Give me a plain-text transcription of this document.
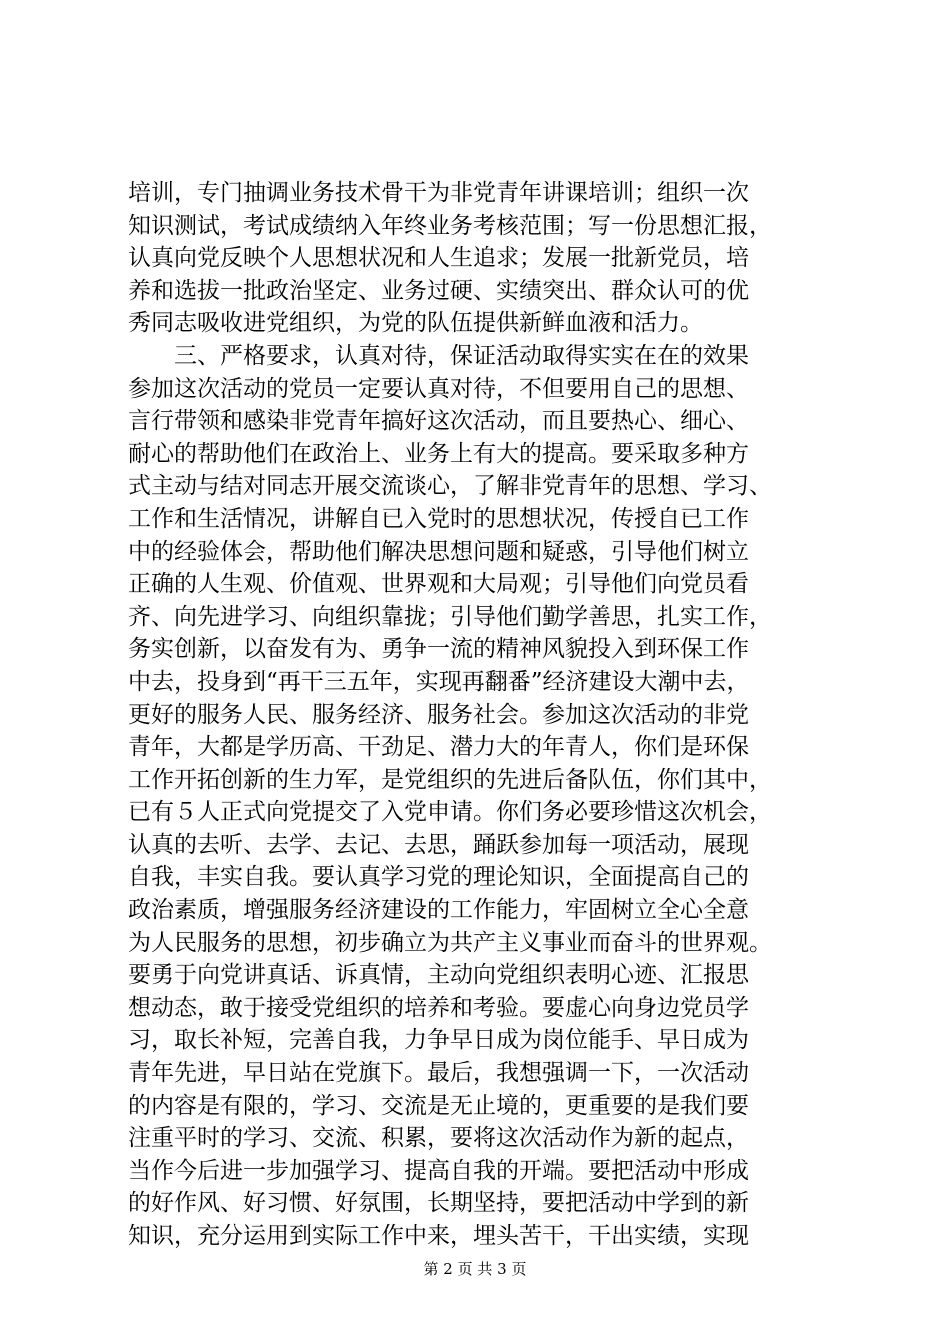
培训，专门抽调业务技术骨干为非党青年讲课培训；组织一次
知识测试，考试成绩纳入年终业务考核范围；写一份思想汇报，
认真向党反映个人思想状况和人生追求；发展一批新党员，培
养和选拔一批政治坚定、业务过硬、实绩突出、群众认可的优
秀同志吸收进党组织，为党的队伍提供新鲜血液和活力。
三、严格要求，认真对待，保证活动取得实实在在的效果
参加这次活动的党员一定要认真对待，不但要用自己的思想、
言行带领和感染非党青年搞好这次活动，而且要热心、细心、
耐心的帮助他们在政治上、业务上有大的提高。要采取多种方
式主动与结对同志开展交流谈心，了解非党青年的思想、学习、
工作和生活情况，讲解自已入党时的思想状况，传授自已工作
中的经验体会，帮助他们解决思想问题和疑惑，引导他们树立
正确的人生观、价值观、世界观和大局观；引导他们向党员看
齐、向先进学习、向组织靠拢；引导他们勤学善思，扎实工作，
务实创新，以奋发有为、勇争一流的精神风貌投入到环保工作
中去，投身到“再干三五年，实现再翻番”经济建设大潮中去，
更好的服务人民、服务经济、服务社会。参加这次活动的非党
青年，大都是学历高、干劲足、潜力大的年青人，你们是环保
工作开拓创新的生力军，是党组织的先进后备队伍，你们其中，
已有５人正式向党提交了入党申请。你们务必要珍惜这次机会，
认真的去听、去学、去记、去思，踊跃参加每一项活动，展现
自我，丰实自我。要认真学习党的理论知识，全面提高自己的
政治素质，增强服务经济建设的工作能力，牢固树立全心全意
为人民服务的思想，初步确立为共产主义事业而奋斗的世界观。
要勇于向党讲真话、诉真情，主动向党组织表明心迹、汇报思
想动态，敢于接受党组织的培养和考验。要虚心向身边党员学
习，取长补短，完善自我，力争早日成为岗位能手、早日成为
青年先进，早日站在党旗下。最后，我想强调一下，一次活动
的内容是有限的，学习、交流是无止境的，更重要的是我们要
注重平时的学习、交流、积累，要将这次活动作为新的起点，
当作今后进一步加强学习、提高自我的开端。要把活动中形成
的好作风、好习惯、好氛围，长期坚持，要把活动中学到的新
知识，充分运用到实际工作中来，埋头苦干，干出实绩，实现
第 2 页 共 3 页
